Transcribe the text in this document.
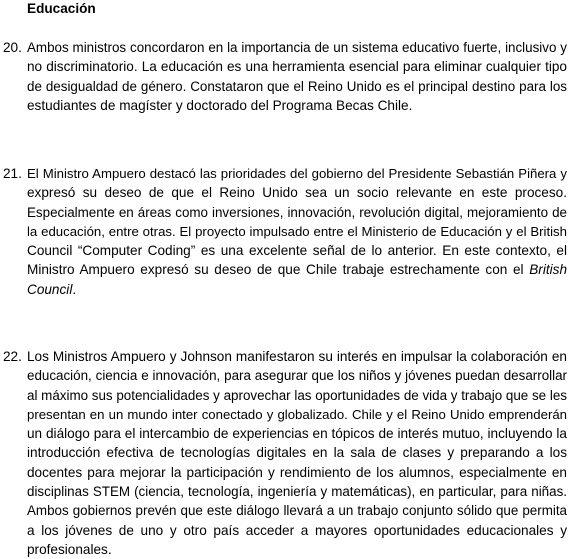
Educación
20. Ambos ministros concordaron en la importancia de un sistema educativo fuerte, inclusivo y
no discriminatorio. La educación es una herramienta esencial para eliminar cualquier tipo
de desigualdad de género. Constataron que el Reino Unido es el principal destino para los
estudiantes de magíster y doctorado del Programa Becas Chile.
21. El Ministro Ampuero destacó las prioridades del gobierno del Presidente Sebastián Piñera y
expresó su deseo de que el Reino Unido sea un socio relevante en este proceso.
Especialmente en áreas como inversiones, innovación, revolución digital, mejoramiento de
la educación, entre otras. El proyecto impulsado entre el Ministerio de Educación y el British
Council “Computer Coding” es una excelente señal de lo anterior. En este contexto, el
Ministro Ampuero expresó su deseo de que Chile trabaje estrechamente con el British
Council.
22. Los Ministros Ampuero y Johnson manifestaron su interés en impulsar la colaboración en
educación, ciencia e innovación, para asegurar que los niños y jóvenes puedan desarrollar
al máximo sus potencialidades y aprovechar las oportunidades de vida y trabajo que se les
presentan en un mundo inter conectado y globalizado. Chile y el Reino Unido emprenderán
un diálogo para el intercambio de experiencias en tópicos de interés mutuo, incluyendo la
introducción efectiva de tecnologías digitales en la sala de clases y preparando a los
docentes para mejorar la participación y rendimiento de los alumnos, especialmente en
disciplinas STEM (ciencia, tecnología, ingeniería y matemáticas), en particular, para niñas.
Ambos gobiernos prevén que este diálogo llevará a un trabajo conjunto sólido que permita
a los jóvenes de uno y otro país acceder a mayores oportunidades educacionales y
profesionales.
